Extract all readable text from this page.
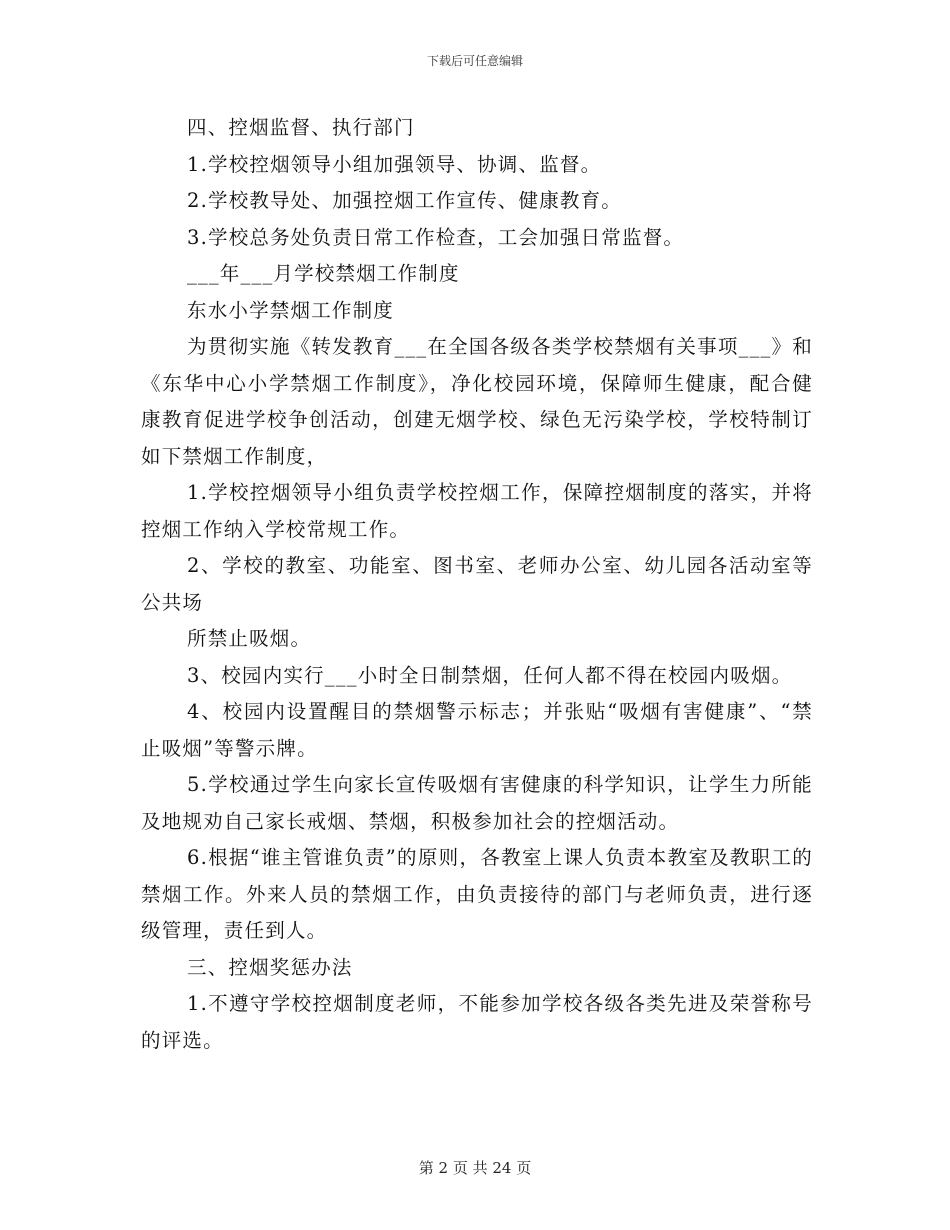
下载后可任意编辑

四、控烟监督、执行部门

1.学校控烟领导小组加强领导、协调、监督。

2.学校教导处、加强控烟工作宣传、健康教育。

3.学校总务处负责日常工作检查，工会加强日常监督。

___年___月学校禁烟工作制度

东水小学禁烟工作制度

为贯彻实施《转发教育___在全国各级各类学校禁烟有关事项___》和《东华中心小学禁烟工作制度》，净化校园环境，保障师生健康，配合健康教育促进学校争创活动，创建无烟学校、绿色无污染学校，学校特制订如下禁烟工作制度，

1.学校控烟领导小组负责学校控烟工作，保障控烟制度的落实，并将控烟工作纳入学校常规工作。

2、学校的教室、功能室、图书室、老师办公室、幼儿园各活动室等公共场

所禁止吸烟。

3、校园内实行___小时全日制禁烟，任何人都不得在校园内吸烟。

4、校园内设置醒目的禁烟警示标志；并张贴“吸烟有害健康”、“禁止吸烟”等警示牌。

5.学校通过学生向家长宣传吸烟有害健康的科学知识，让学生力所能及地规劝自己家长戒烟、禁烟，积极参加社会的控烟活动。

6.根据“谁主管谁负责”的原则，各教室上课人负责本教室及教职工的禁烟工作。外来人员的禁烟工作，由负责接待的部门与老师负责，进行逐级管理，责任到人。

三、控烟奖惩办法

1.不遵守学校控烟制度老师，不能参加学校各级各类先进及荣誉称号的评选。

第 2 页 共 24 页
